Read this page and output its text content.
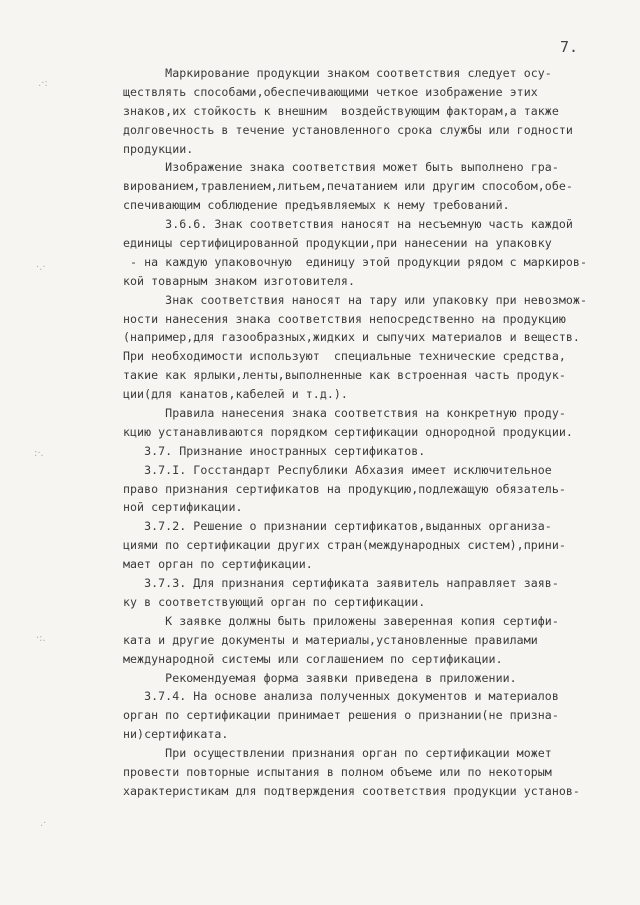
7.
.·:
·.·
:·.
·:.
.·
Маркирование продукции знаком соответствия следует осу-
ществлять способами,обеспечивающими четкое изображение этих
знаков,их стойкость к внешним  воздействующим факторам,а также
долговечность в течение установленного срока службы или годности
продукции.
Изображение знака соответствия может быть выполнено гра-
вированием,травлением,литьем,печатанием или другим способом,обе-
спечивающим соблюдение предъявляемых к нему требований.
3.6.6. Знак соответствия наносят на несъемную часть каждой
единицы сертифицированной продукции,при нанесении на упаковку
- на каждую упаковочную  единицу этой продукции рядом с маркиров-
кой товарным знаком изготовителя.
Знак соответствия наносят на тару или упаковку при невозмож-
ности нанесения знака соответствия непосредственно на продукцию
(например,для газообразных,жидких и сыпучих материалов и веществ.
При необходимости используют  специальные технические средства,
такие как ярлыки,ленты,выполненные как встроенная часть продук-
ции(для канатов,кабелей и т.д.).
Правила нанесения знака соответствия на конкретную проду-
кцию устанавливаются порядком сертификации однородной продукции.
3.7. Признание иностранных сертификатов.
3.7.I. Госстандарт Республики Абхазия имеет исключительное
право признания сертификатов на продукцию,подлежащую обязатель-
ной сертификации.
3.7.2. Решение о признании сертификатов,выданных организа-
циями по сертификации других стран(международных систем),прини-
мает орган по сертификации.
3.7.3. Для признания сертификата заявитель направляет заяв-
ку в соответствующий орган по сертификации.
К заявке должны быть приложены заверенная копия сертифи-
ката и другие документы и материалы,установленные правилами
международной системы или соглашением по сертификации.
Рекомендуемая форма заявки приведена в приложении.
3.7.4. На основе анализа полученных документов и материалов
орган по сертификации принимает решения о признании(не призна-
ни)сертификата.
При осуществлении признания орган по сертификации может
провести повторные испытания в полном объеме или по некоторым
характеристикам для подтверждения соответствия продукции установ-
